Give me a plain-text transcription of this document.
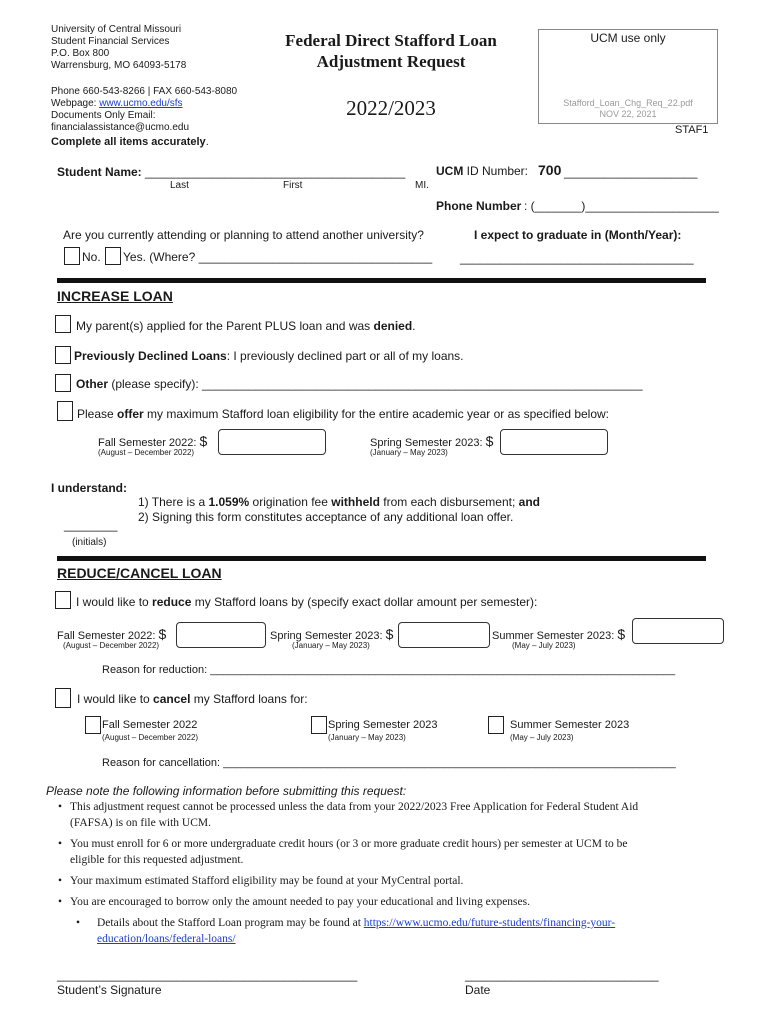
University of Central Missouri
Student Financial Services
P.O. Box 800
Warrensburg, MO 64093-5178
Phone 660-543-8266 | FAX 660-543-8080
Webpage: www.ucmo.edu/sfs
Documents Only Email:
financialassistance@ucmo.edu
Complete all items accurately.
Federal Direct Stafford Loan
Adjustment Request
2022/2023
UCM use only
Stafford_Loan_Chg_Req_22.pdf
NOV 22, 2021
STAF1
Student Name: _______________________________________
Last	First	MI.
UCM ID Number: 700 ____________________
Phone Number : (_______)____________________
Are you currently attending or planning to attend another university?
No. Yes. (Where? ___________________________________
I expect to graduate in (Month/Year):
___________________________________
INCREASE LOAN
My parent(s) applied for the Parent PLUS loan and was denied.
Previously Declined Loans: I previously declined part or all of my loans.
Other (please specify): __________________________________________________________________
Please offer my maximum Stafford loan eligibility for the entire academic year or as specified below:
Fall Semester 2022: $
(August – December 2022)
Spring Semester 2023: $
(January – May 2023)
I understand:
1) There is a 1.059% origination fee withheld from each disbursement; and
2) Signing this form constitutes acceptance of any additional loan offer.
________
(initials)
REDUCE/CANCEL LOAN
I would like to reduce my Stafford loans by (specify exact dollar amount per semester):
Fall Semester 2022: $
(August – December 2022)
Spring Semester 2023: $
(January – May 2023)
Summer Semester 2023: $
(May – July 2023)
Reason for reduction: ____________________________________________________________________________
I would like to cancel my Stafford loans for:
Fall Semester 2022
(August – December 2022)
Spring Semester 2023
(January – May 2023)
Summer Semester 2023
(May – July 2023)
Reason for cancellation: __________________________________________________________________________
Please note the following information before submitting this request:
• This adjustment request cannot be processed unless the data from your 2022/2023 Free Application for Federal Student Aid
(FAFSA) is on file with UCM.
• You must enroll for 6 or more undergraduate credit hours (or 3 or more graduate credit hours) per semester at UCM to be
eligible for this requested adjustment.
• Your maximum estimated Stafford eligibility may be found at your MyCentral portal.
• You are encouraged to borrow only the amount needed to pay your educational and living expenses.
• Details about the Stafford Loan program may be found at https://www.ucmo.edu/future-students/financing-your-
education/loans/federal-loans/
_____________________________________________
Student’s Signature
_____________________________
Date
